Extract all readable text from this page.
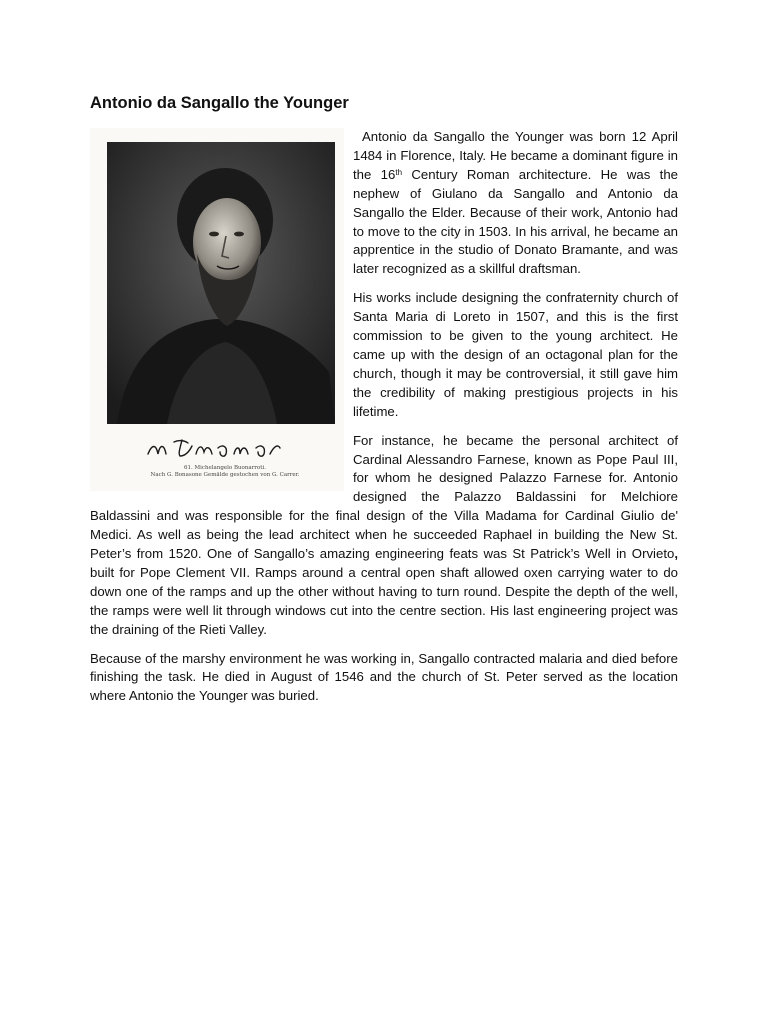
Antonio da Sangallo the Younger
61. Michelangelo Buonarroti.
Nach G. Bonasone Gemälde gestochen von G. Carrer.

Antonio da Sangallo the Younger was born 12 April 1484 in Florence, Italy. He became a dominant figure in the 16th Century Roman architecture. He was the nephew of Giulano da Sangallo and Antonio da Sangallo the Elder. Because of their work, Antonio had to move to the city in 1503. In his arrival, he became an apprentice in the studio of Donato Bramante, and was later recognized as a skillful draftsman.

His works include designing the confraternity church of Santa Maria di Loreto in 1507, and this is the first commission to be given to the young architect. He came up with the design of an octagonal plan for the church, though it may be controversial, it still gave him the credibility of making prestigious projects in his lifetime.

For instance, he became the personal architect of Cardinal Alessandro Farnese, known as Pope Paul III, for whom he designed Palazzo Farnese for. Antonio designed the Palazzo Baldassini for Melchiore Baldassini and was responsible for the final design of the Villa Madama for Cardinal Giulio de' Medici. As well as being the lead architect when he succeeded Raphael in building the New St. Peter’s from 1520. One of Sangallo’s amazing engineering feats was St Patrick’s Well in Orvieto, built for Pope Clement VII. Ramps around a central open shaft allowed oxen carrying water to do down one of the ramps and up the other without having to turn round. Despite the depth of the well, the ramps were well lit through windows cut into the centre section. His last engineering project was the draining of the Rieti Valley.

Because of the marshy environment he was working in, Sangallo contracted malaria and died before finishing the task. He died in August of 1546 and the church of St. Peter served as the location where Antonio the Younger was buried.
